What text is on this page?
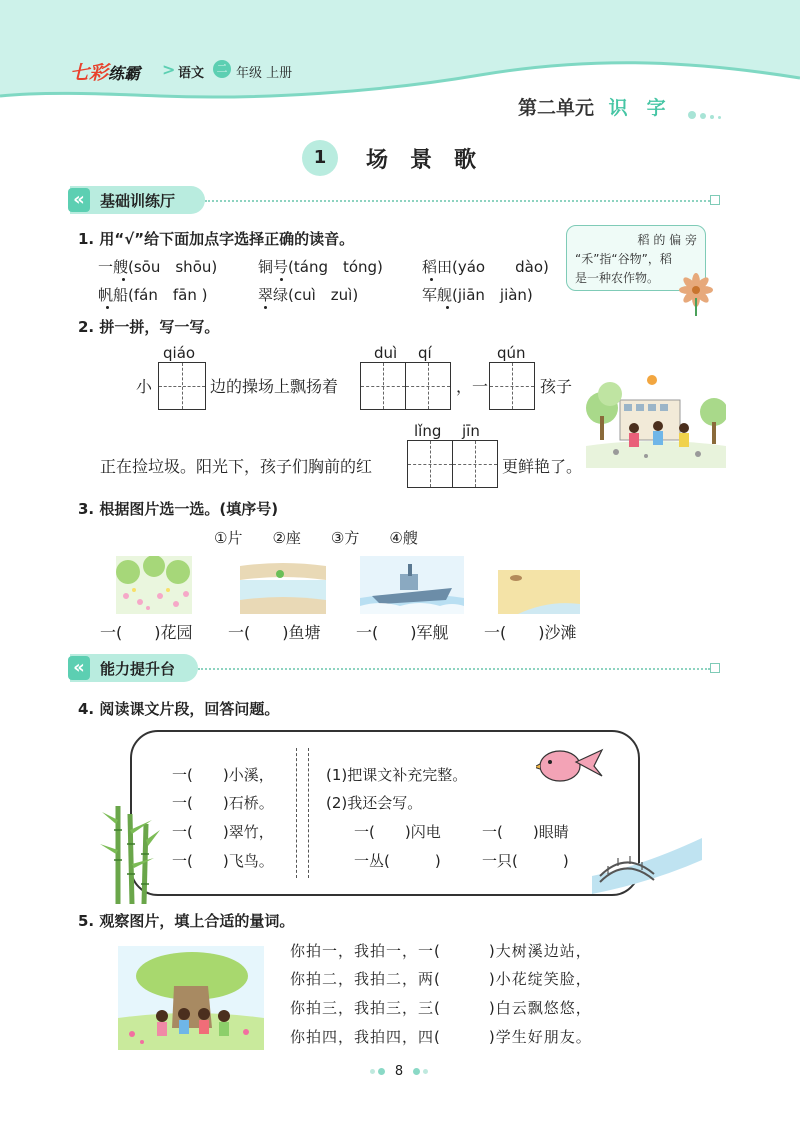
七彩练霸 > 语文	二 年级 上册
第二单元 识　字
1	场　景　歌
«	基础训练厅
1. 用“√”给下面加点字选择正确的读音。
一艘(sōu　shōu)	铜号(táng　tóng)	稻田(yáo　　dào)
帆船(fán　fān )	翠绿(cuì　zuì)	军舰(jiān　jiàn)
稻 的 偏 旁
“禾”指“谷物”，稻
是一种农作物。
2. 拼一拼，写一写。
qiáo	duì qí	qún
小	边的操场上飘扬着	，一	孩子
lǐng jīn
正在捡垃圾。阳光下，孩子们胸前的红	更鲜艳了。
3. 根据图片选一选。(填序号)
①片　　②座　　③方　　④艘
一(　　)花园 一(　　)鱼塘 一(　　)军舰 一(　　)沙滩
«	能力提升台
4. 阅读课文片段，回答问题。
一(　　)小溪，
一(　　)石桥。
一(　　)翠竹，
一(　　)飞鸟。
(1)把课文补充完整。
(2)我还会写。
一(　　)闪电	一(　　)眼睛
一丛(　　　)	一只(　　　)
5. 观察图片，填上合适的量词。
你拍一，我拍一，一(　　　)大树溪边站，
你拍二，我拍二，两(　　　)小花绽笑脸，
你拍三，我拍三，三(　　　)白云飘悠悠，
你拍四，我拍四，四(　　　)学生好朋友。
8
